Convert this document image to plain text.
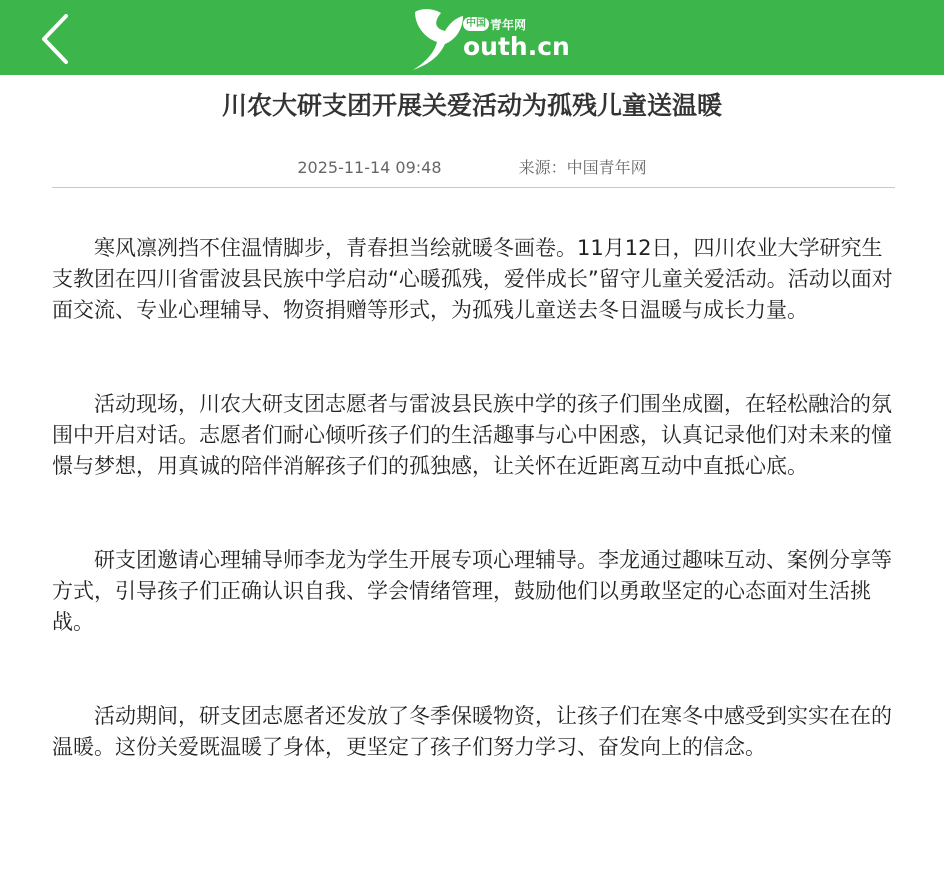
中国 青年网
outh.cn
川农大研支团开展关爱活动为孤残儿童送温暖
2025-11-14 09:48	来源：中国青年网

寒风凛冽挡不住温情脚步，青春担当绘就暖冬画卷。11月12日，四川农业大学研究生支教团在四川省雷波县民族中学启动“心暖孤残，爱伴成长”留守儿童关爱活动。活动以面对面交流、专业心理辅导、物资捐赠等形式，为孤残儿童送去冬日温暖与成长力量。

活动现场，川农大研支团志愿者与雷波县民族中学的孩子们围坐成圈，在轻松融洽的氛围中开启对话。志愿者们耐心倾听孩子们的生活趣事与心中困惑，认真记录他们对未来的憧憬与梦想，用真诚的陪伴消解孩子们的孤独感，让关怀在近距离互动中直抵心底。

研支团邀请心理辅导师李龙为学生开展专项心理辅导。李龙通过趣味互动、案例分享等方式，引导孩子们正确认识自我、学会情绪管理，鼓励他们以勇敢坚定的心态面对生活挑战。

活动期间，研支团志愿者还发放了冬季保暖物资，让孩子们在寒冬中感受到实实在在的温暖。这份关爱既温暖了身体，更坚定了孩子们努力学习、奋发向上的信念。
